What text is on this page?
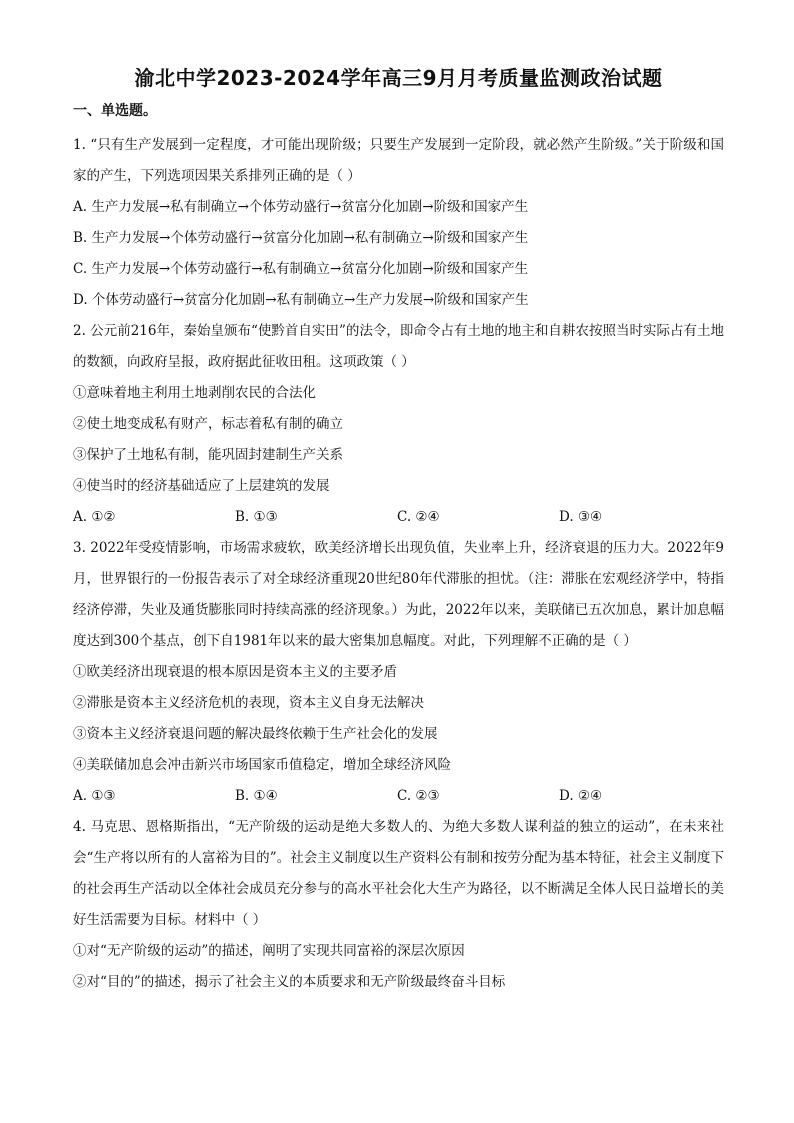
渝北中学2023-2024学年高三9月月考质量监测政治试题
一、单选题。
1. “只有生产发展到一定程度，才可能出现阶级；只要生产发展到一定阶段，就必然产生阶级。”关于阶级和国家的产生，下列选项因果关系排列正确的是（ ）
A. 生产力发展→私有制确立→个体劳动盛行→贫富分化加剧→阶级和国家产生
B. 生产力发展→个体劳动盛行→贫富分化加剧→私有制确立→阶级和国家产生
C. 生产力发展→个体劳动盛行→私有制确立→贫富分化加剧→阶级和国家产生
D. 个体劳动盛行→贫富分化加剧→私有制确立→生产力发展→阶级和国家产生
2. 公元前216年，秦始皇颁布“使黔首自实田”的法令，即命令占有土地的地主和自耕农按照当时实际占有土地的数额，向政府呈报，政府据此征收田租。这项政策（ ）
①意味着地主利用土地剥削农民的合法化
②使土地变成私有财产，标志着私有制的确立
③保护了土地私有制，能巩固封建制生产关系
④使当时的经济基础适应了上层建筑的发展
A. ①②	B. ①③	C. ②④	D. ③④
3. 2022年受疫情影响，市场需求疲软，欧美经济增长出现负值，失业率上升，经济衰退的压力大。2022年9月，世界银行的一份报告表示了对全球经济重现20世纪80年代滞胀的担忧。（注：滞胀在宏观经济学中，特指经济停滞，失业及通货膨胀同时持续高涨的经济现象。）为此，2022年以来，美联储已五次加息，累计加息幅度达到300个基点，创下自1981年以来的最大密集加息幅度。对此，下列理解不正确的是（ ）
①欧美经济出现衰退的根本原因是资本主义的主要矛盾
②滞胀是资本主义经济危机的表现，资本主义自身无法解决
③资本主义经济衰退问题的解决最终依赖于生产社会化的发展
④美联储加息会冲击新兴市场国家币值稳定，增加全球经济风险
A. ①③	B. ①④	C. ②③	D. ②④
4. 马克思、恩格斯指出，“无产阶级的运动是绝大多数人的、为绝大多数人谋利益的独立的运动”，在未来社会“生产将以所有的人富裕为目的”。社会主义制度以生产资料公有制和按劳分配为基本特征，社会主义制度下的社会再生产活动以全体社会成员充分参与的高水平社会化大生产为路径，以不断满足全体人民日益增长的美好生活需要为目标。材料中（ ）
①对“无产阶级的运动”的描述，阐明了实现共同富裕的深层次原因
②对“目的”的描述，揭示了社会主义的本质要求和无产阶级最终奋斗目标
